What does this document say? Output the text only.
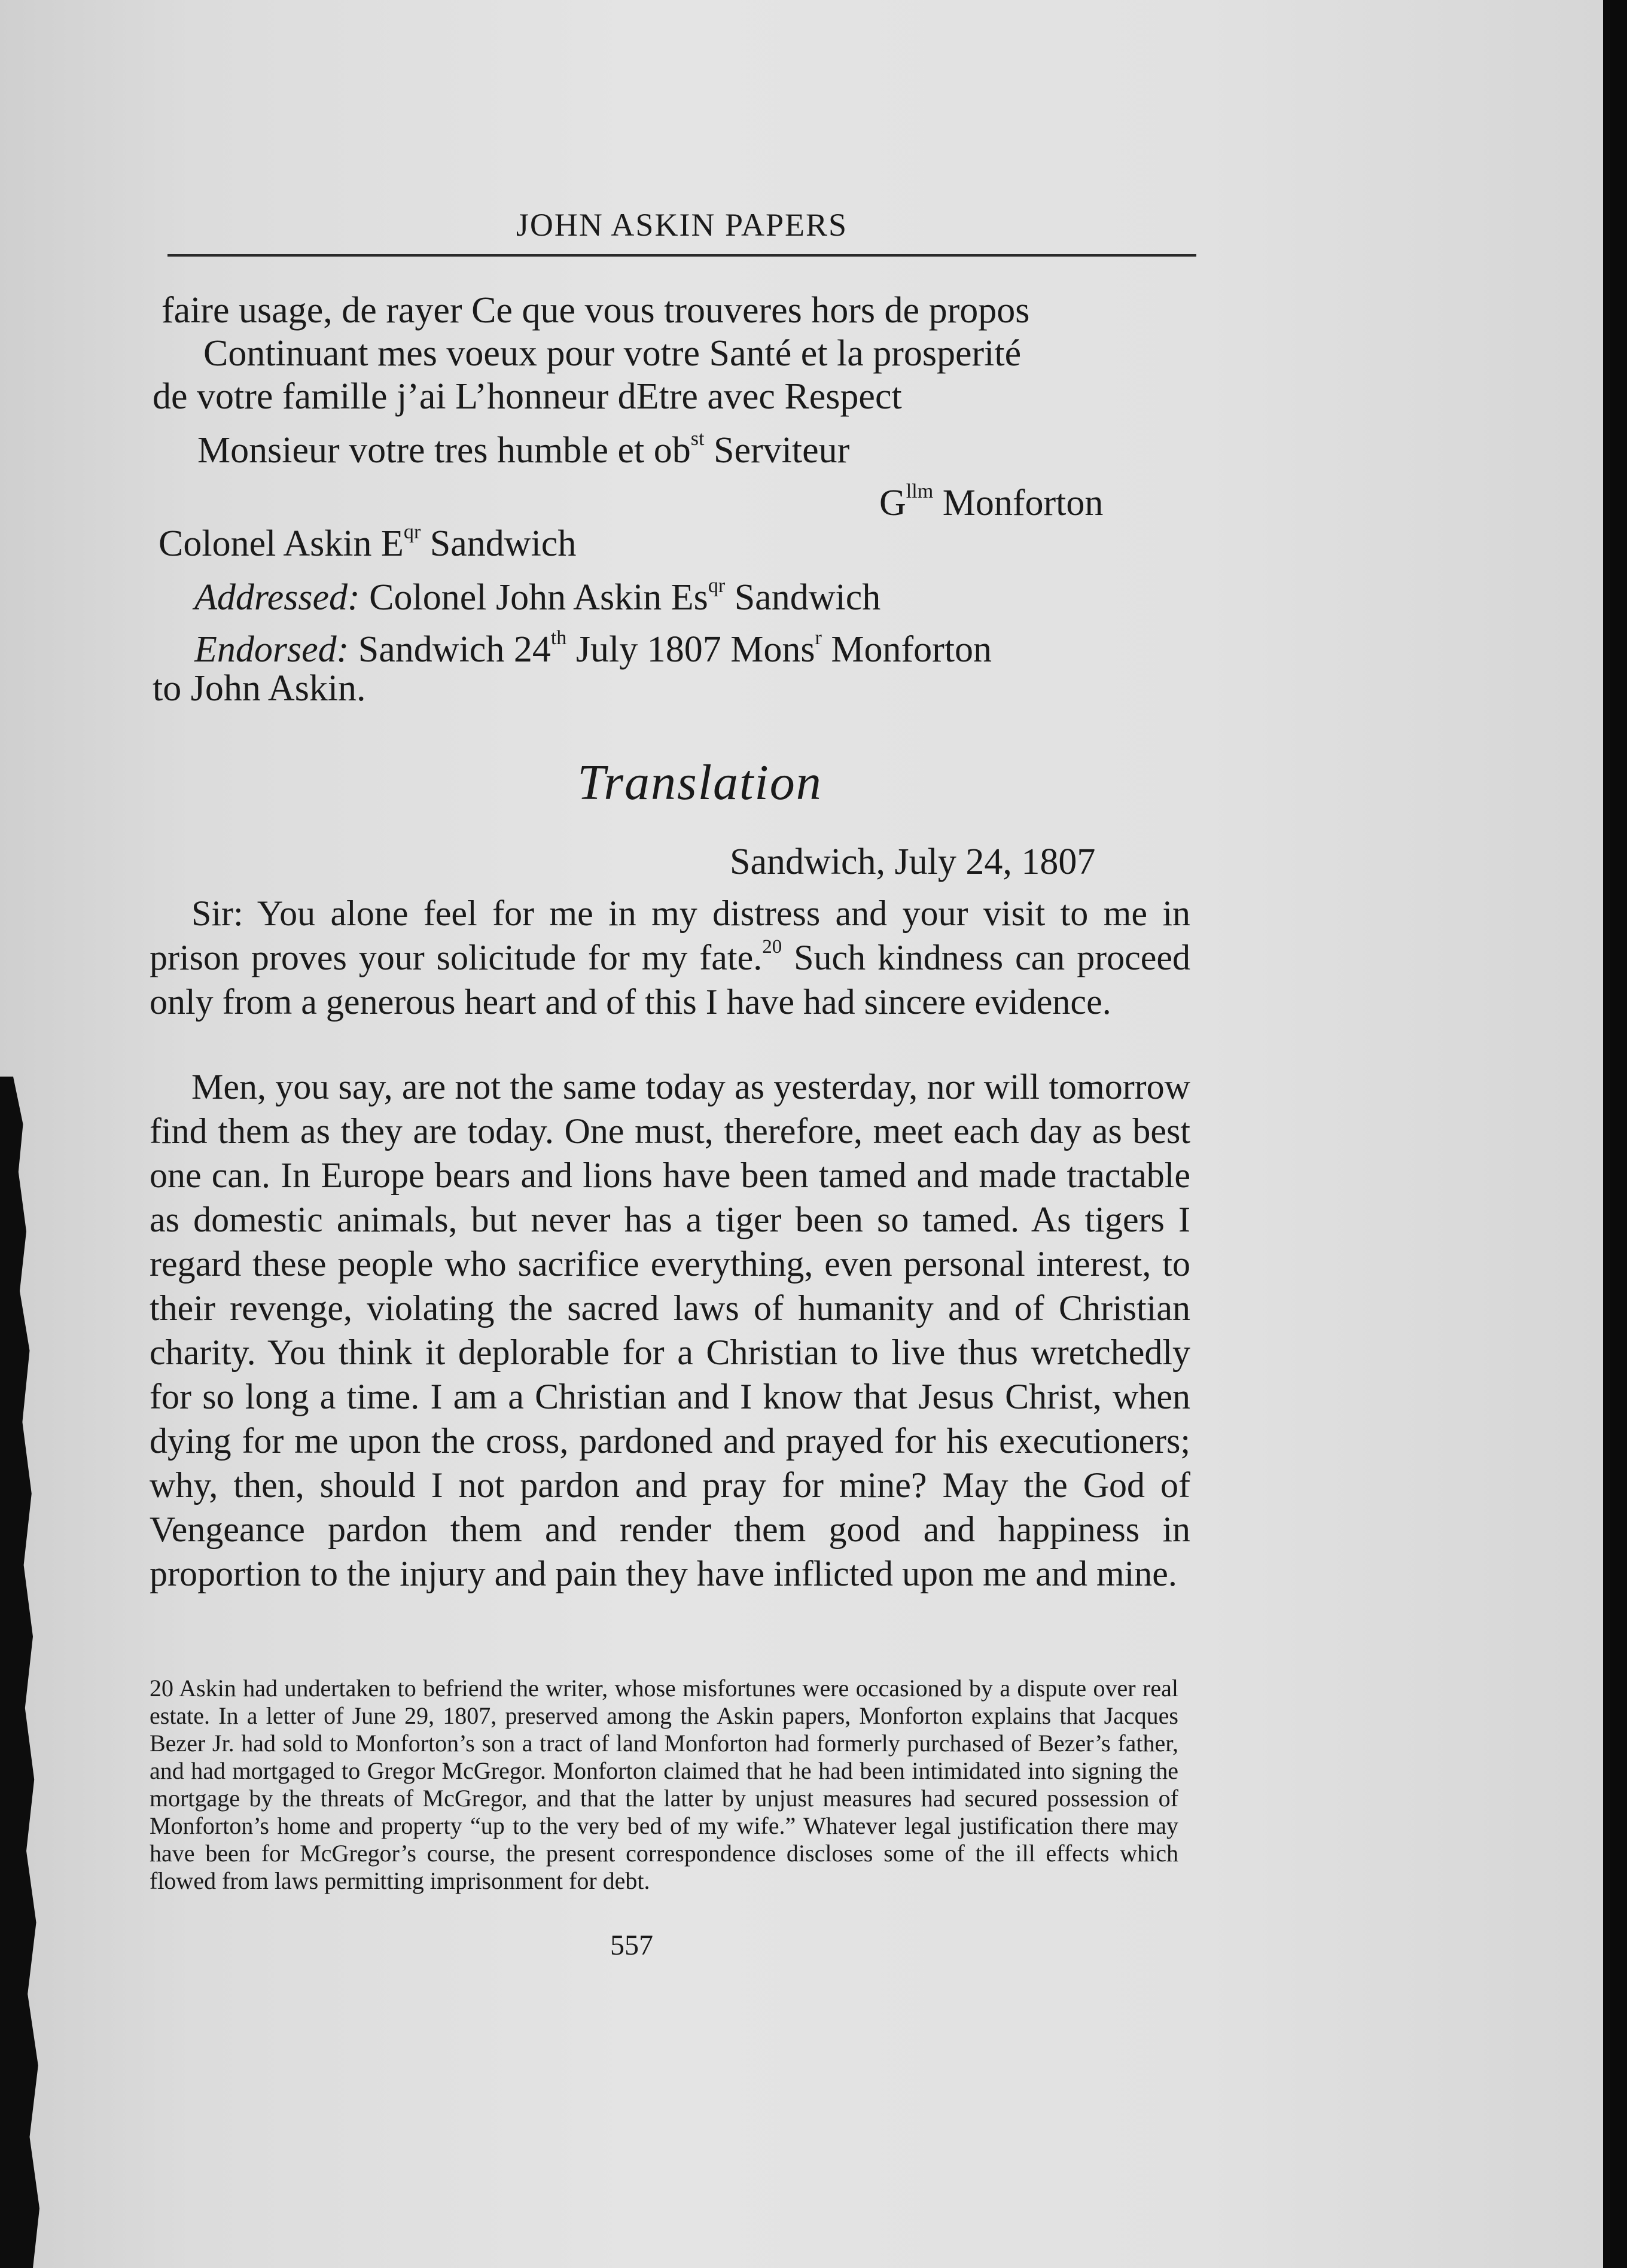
JOHN ASKIN PAPERS
faire usage, de rayer Ce que vous trouveres hors de propos
Continuant mes voeux pour votre Santé et la prosperité
de votre famille j’ai L’honneur dEtre avec Respect
Monsieur votre tres humble et $ob^{st}$ Serviteur
$G^{llm}$ Monforton
Colonel Askin $E^{qr}$ Sandwich
Addressed: Colonel John Askin $Es^{qr}$ Sandwich
Endorsed: Sandwich 24th July 1807 Mons$^r$ Monforton
to John Askin.
Translation
Sandwich, July 24, 1807
Sir: You alone feel for me in my distress and your visit to me in prison proves your solicitude for my fate.$^{20}$ Such kindness can proceed only from a generous heart and of this I have had sincere evidence.
Men, you say, are not the same today as yesterday, nor will tomorrow find them as they are today. One must, therefore, meet each day as best one can. In Europe bears and lions have been tamed and made tractable as domestic animals, but never has a tiger been so tamed. As tigers I regard these people who sacrifice everything, even personal interest, to their revenge, violating the sacred laws of humanity and of Christian charity. You think it deplorable for a Christian to live thus wretchedly for so long a time. I am a Christian and I know that Jesus Christ, when dying for me upon the cross, pardoned and prayed for his executioners; why, then, should I not pardon and pray for mine? May the God of Vengeance pardon them and render them good and happiness in proportion to the injury and pain they have inflicted upon me and mine.
20 Askin had undertaken to befriend the writer, whose misfortunes were occasioned by a dispute over real estate. In a letter of June 29, 1807, preserved among the Askin papers, Monforton explains that Jacques Bezer Jr. had sold to Monforton’s son a tract of land Monforton had formerly purchased of Bezer’s father, and had mortgaged to Gregor McGregor. Monforton claimed that he had been intimidated into signing the mortgage by the threats of McGregor, and that the latter by unjust measures had secured possession of Monforton’s home and property “up to the very bed of my wife.” Whatever legal justification there may have been for McGregor’s course, the present correspondence discloses some of the ill effects which flowed from laws permitting imprisonment for debt.
557
